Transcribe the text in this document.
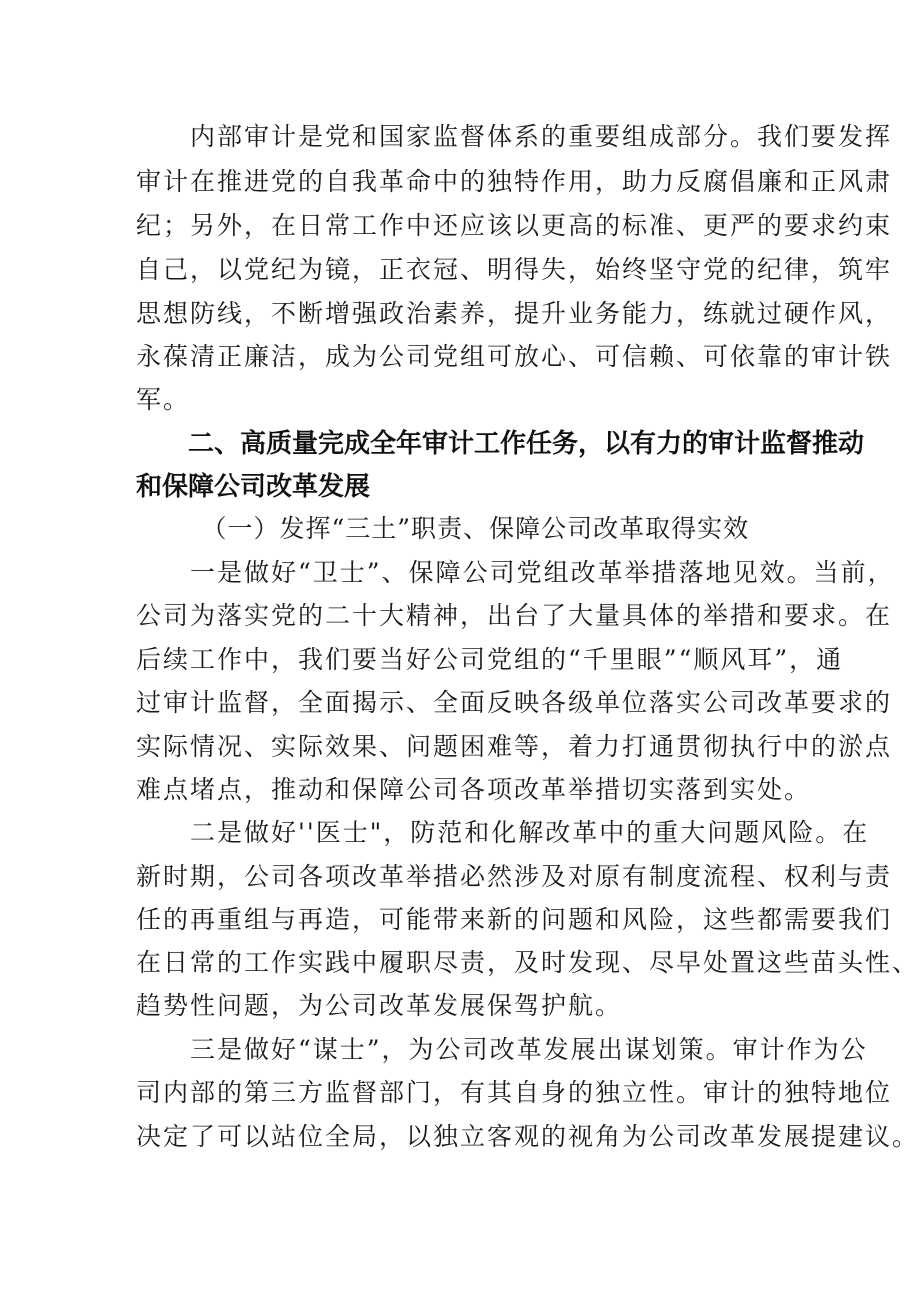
　　内部审计是党和国家监督体系的重要组成部分。我们要发挥
审计在推进党的自我革命中的独特作用，助力反腐倡廉和正风肃
纪；另外，在日常工作中还应该以更高的标准、更严的要求约束
自己，以党纪为镜，正衣冠、明得失，始终坚守党的纪律，筑牢
思想防线，不断增强政治素养，提升业务能力，练就过硬作风，
永葆清正廉洁，成为公司党组可放心、可信赖、可依靠的审计铁
军。
　　二、高质量完成全年审计工作任务，以有力的审计监督推动
和保障公司改革发展
　　　（一）发挥“三土”职责、保障公司改革取得实效
　　一是做好“卫士”、保障公司党组改革举措落地见效。当前，
公司为落实党的二十大精神，出台了大量具体的举措和要求。在
后续工作中，我们要当好公司党组的“千里眼”“顺风耳”，通
过审计监督，全面揭示、全面反映各级单位落实公司改革要求的
实际情况、实际效果、问题困难等，着力打通贯彻执行中的淤点
难点堵点，推动和保障公司各项改革举措切实落到实处。
　　二是做好''医士"，防范和化解改革中的重大问题风险。在
新时期，公司各项改革举措必然涉及对原有制度流程、权利与责
任的再重组与再造，可能带来新的问题和风险，这些都需要我们
在日常的工作实践中履职尽责，及时发现、尽早处置这些苗头性、
趋势性问题，为公司改革发展保驾护航。
　　三是做好“谋士”，为公司改革发展出谋划策。审计作为公
司内部的第三方监督部门，有其自身的独立性。审计的独特地位
决定了可以站位全局，以独立客观的视角为公司改革发展提建议。
